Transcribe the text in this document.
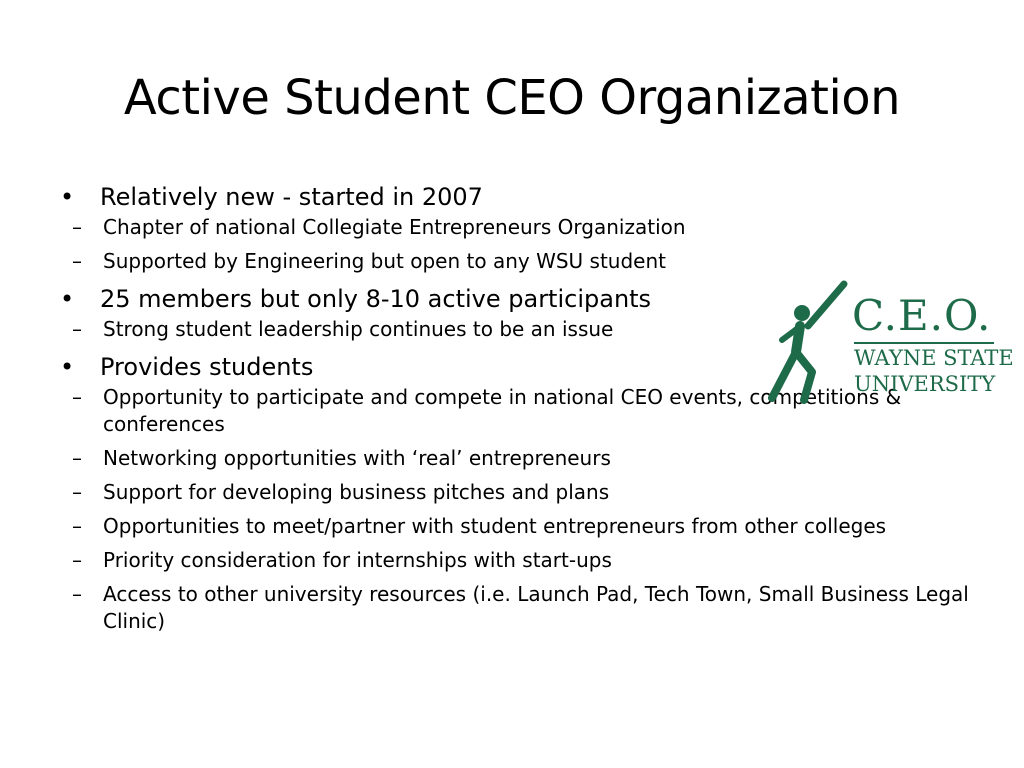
Active Student CEO Organization
• Relatively new - started in 2007
– Chapter of national Collegiate Entrepreneurs Organization
– Supported by Engineering but open to any WSU student
• 25 members but only 8-10 active participants
– Strong student leadership continues to be an issue
• Provides students
– Opportunity to participate and compete in national CEO events, competitions & conferences
– Networking opportunities with ‘real’ entrepreneurs
– Support for developing business pitches and plans
– Opportunities to meet/partner with student entrepreneurs from other colleges
– Priority consideration for internships with start-ups
– Access to other university resources (i.e. Launch Pad, Tech Town, Small Business Legal Clinic)
C.E.O.
WAYNE STATE
UNIVERSITY
